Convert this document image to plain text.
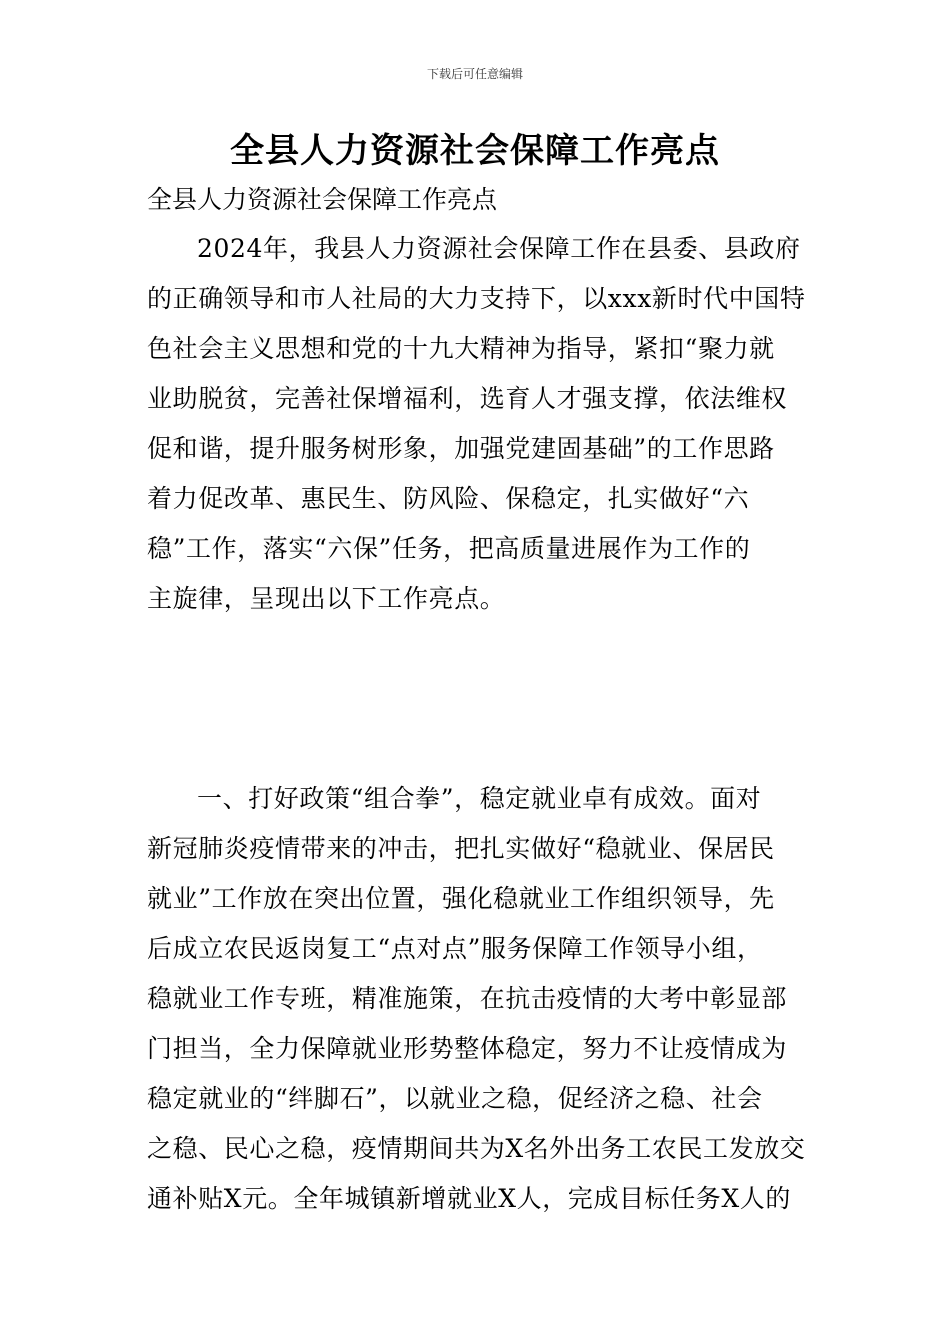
下载后可任意编辑
全县人力资源社会保障工作亮点
全县人力资源社会保障工作亮点
2024年，我县人力资源社会保障工作在县委、县政府
的正确领导和市人社局的大力支持下，以xxx新时代中国特
色社会主义思想和党的十九大精神为指导，紧扣“聚力就
业助脱贫，完善社保增福利，选育人才强支撑，依法维权
促和谐，提升服务树形象，加强党建固基础”的工作思路
着力促改革、惠民生、防风险、保稳定，扎实做好“六
稳”工作，落实“六保”任务，把高质量进展作为工作的
主旋律，呈现出以下工作亮点。
一、打好政策“组合拳”，稳定就业卓有成效。面对
新冠肺炎疫情带来的冲击，把扎实做好“稳就业、保居民
就业”工作放在突出位置，强化稳就业工作组织领导，先
后成立农民返岗复工“点对点”服务保障工作领导小组，
稳就业工作专班，精准施策，在抗击疫情的大考中彰显部
门担当，全力保障就业形势整体稳定，努力不让疫情成为
稳定就业的“绊脚石”，以就业之稳，促经济之稳、社会
之稳、民心之稳，疫情期间共为X名外出务工农民工发放交
通补贴X元。全年城镇新增就业X人，完成目标任务X人的
